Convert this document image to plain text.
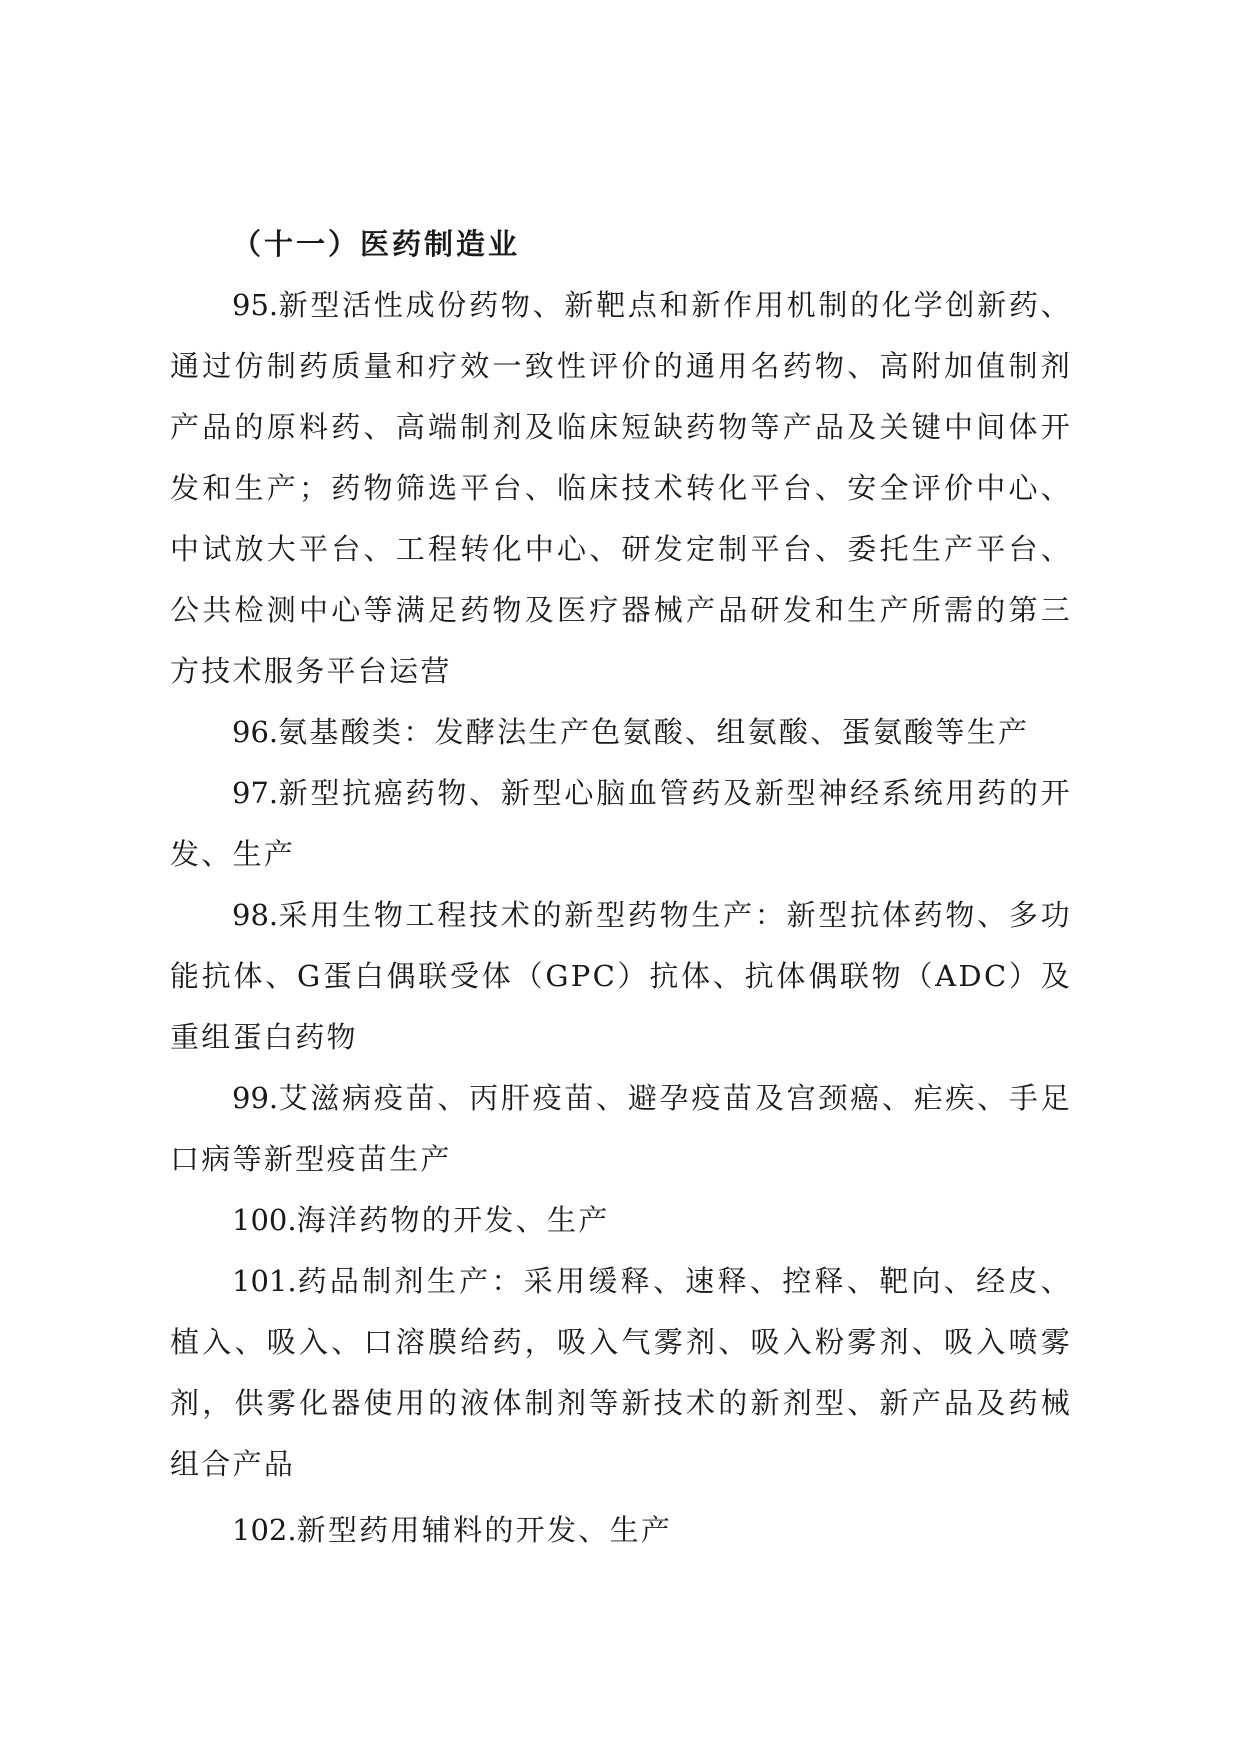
（十一）医药制造业

95.新型活性成份药物、新靶点和新作用机制的化学创新药、通过仿制药质量和疗效一致性评价的通用名药物、高附加值制剂产品的原料药、高端制剂及临床短缺药物等产品及关键中间体开发和生产；药物筛选平台、临床技术转化平台、安全评价中心、中试放大平台、工程转化中心、研发定制平台、委托生产平台、公共检测中心等满足药物及医疗器械产品研发和生产所需的第三方技术服务平台运营

96.氨基酸类：发酵法生产色氨酸、组氨酸、蛋氨酸等生产

97.新型抗癌药物、新型心脑血管药及新型神经系统用药的开发、生产

98.采用生物工程技术的新型药物生产：新型抗体药物、多功能抗体、G蛋白偶联受体（GPC）抗体、抗体偶联物（ADC）及重组蛋白药物

99.艾滋病疫苗、丙肝疫苗、避孕疫苗及宫颈癌、疟疾、手足口病等新型疫苗生产

100.海洋药物的开发、生产

101.药品制剂生产：采用缓释、速释、控释、靶向、经皮、植入、吸入、口溶膜给药，吸入气雾剂、吸入粉雾剂、吸入喷雾剂，供雾化器使用的液体制剂等新技术的新剂型、新产品及药械组合产品

102.新型药用辅料的开发、生产
